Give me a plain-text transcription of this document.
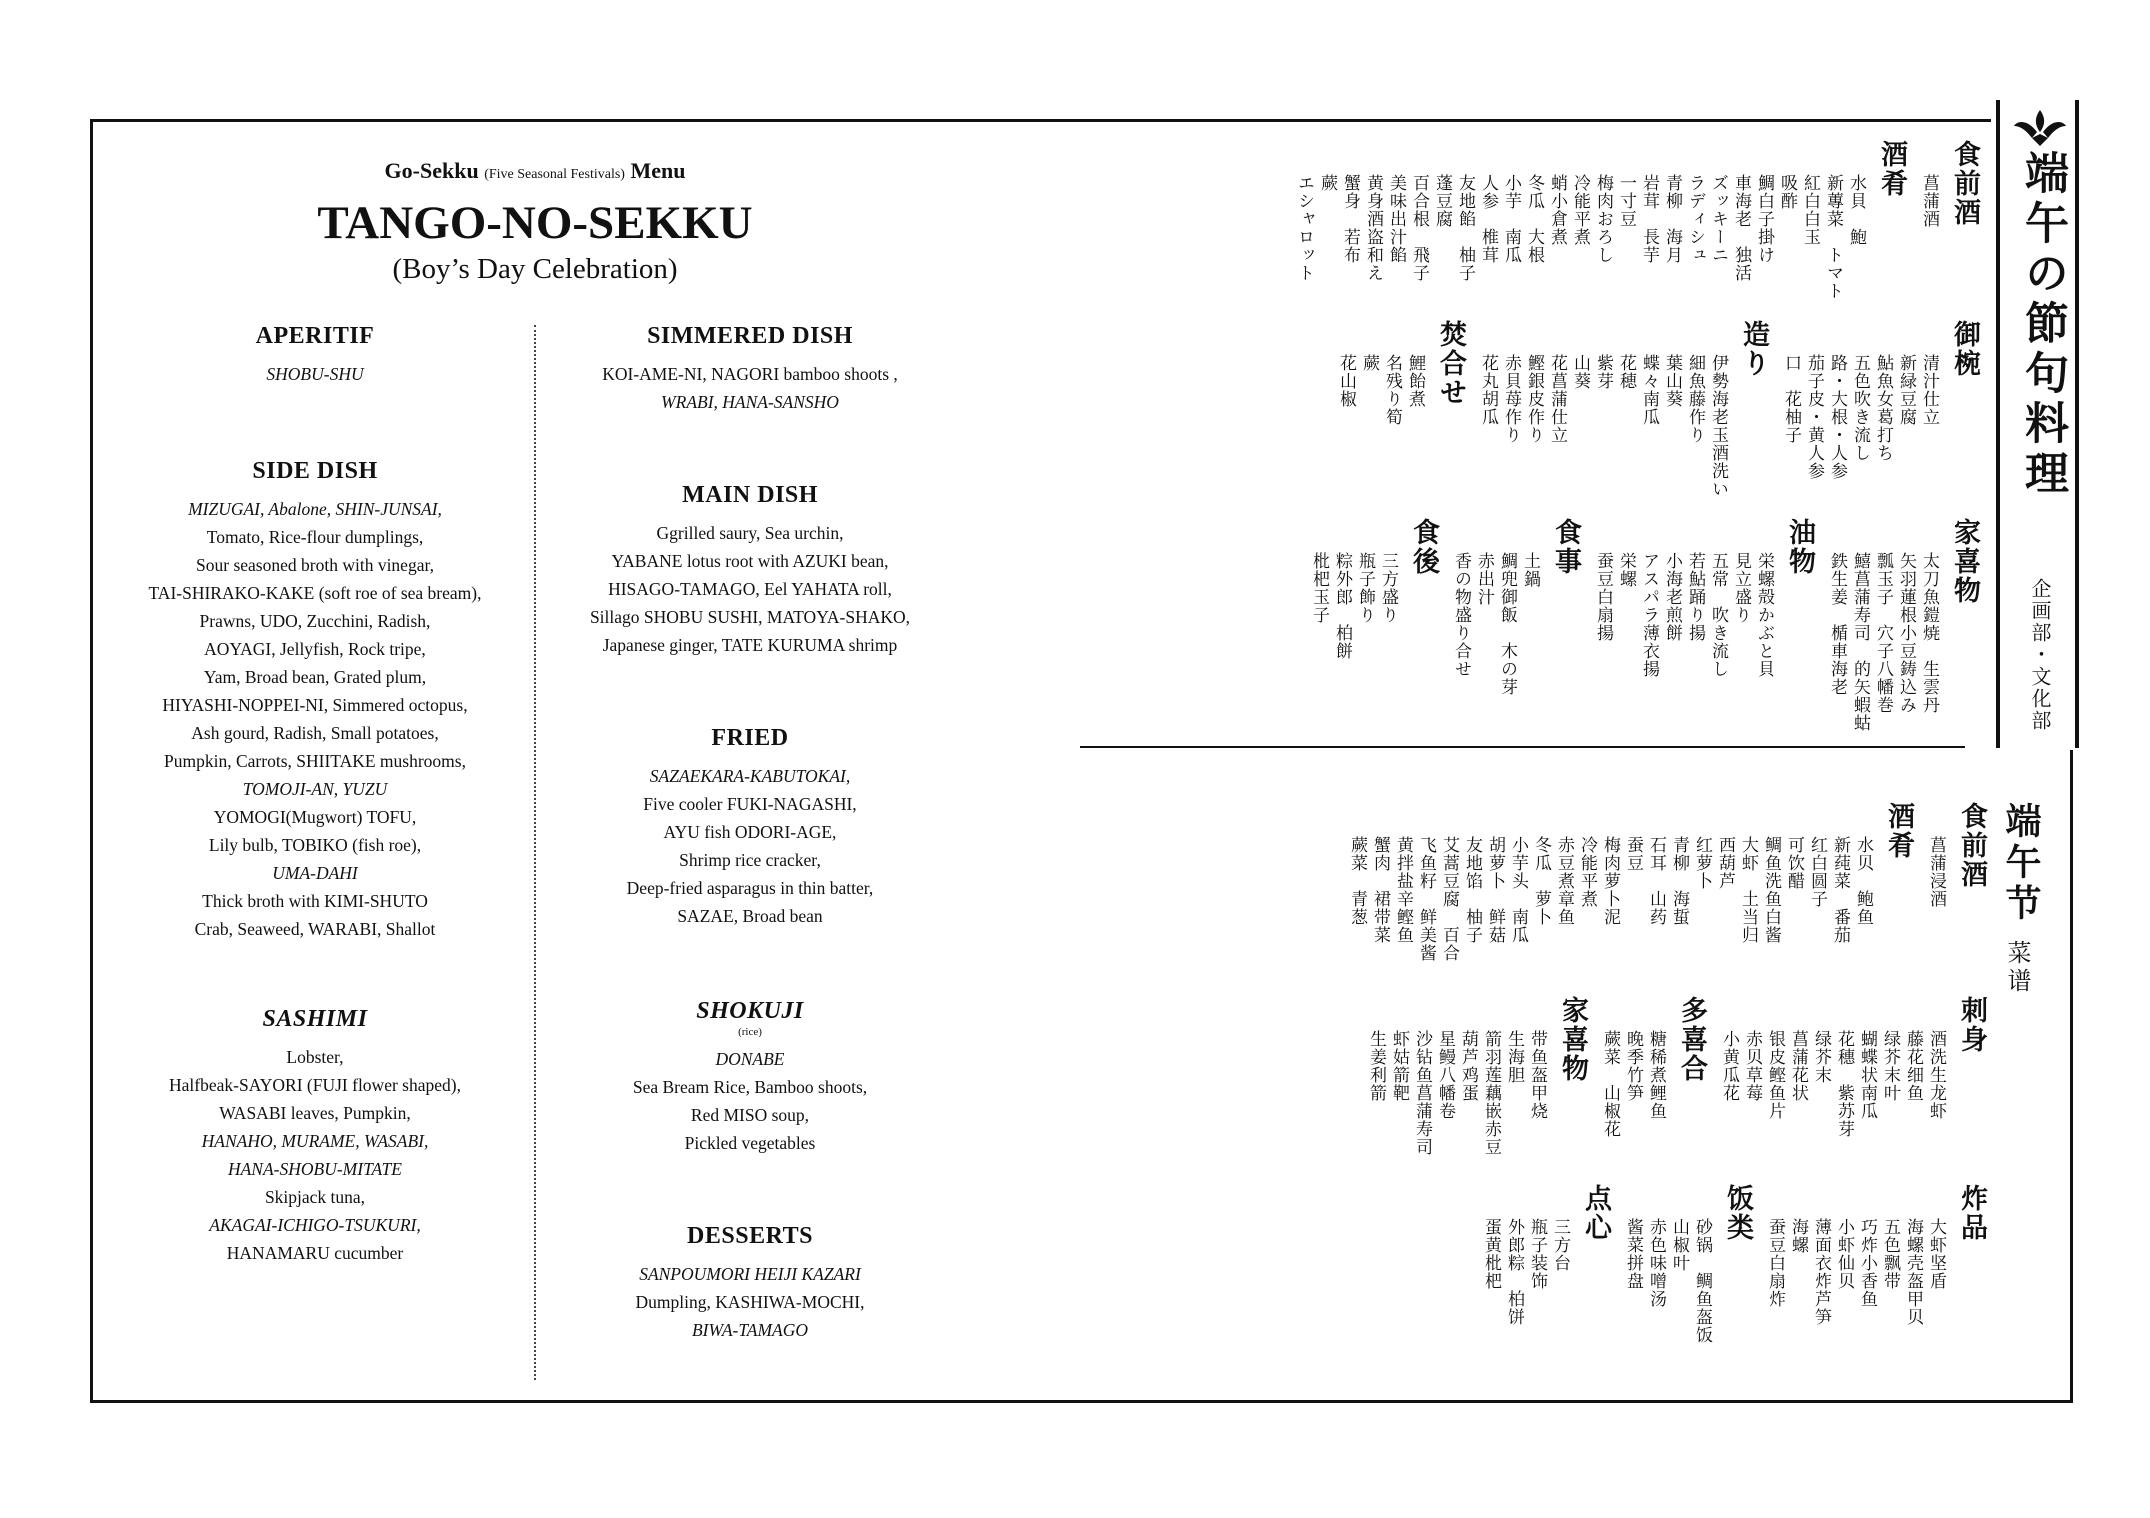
Go-Sekku (Five Seasonal Festivals) Menu
TANGO-NO-SEKKU
(Boy’s Day Celebration)
APERITIF
SHOBU-SHU
SIDE DISH
MIZUGAI, Abalone, SHIN-JUNSAI,
Tomato, Rice-flour dumplings,
Sour seasoned broth with vinegar,
TAI-SHIRAKO-KAKE (soft roe of sea bream),
Prawns, UDO, Zucchini, Radish,
AOYAGI, Jellyfish, Rock tripe,
Yam, Broad bean, Grated plum,
HIYASHI-NOPPEI-NI, Simmered octopus,
Ash gourd, Radish, Small potatoes,
Pumpkin, Carrots, SHIITAKE mushrooms,
TOMOJI-AN, YUZU
YOMOGI(Mugwort) TOFU,
Lily bulb, TOBIKO (fish roe),
UMA-DAHI
Thick broth with KIMI-SHUTO
Crab, Seaweed, WARABI, Shallot
SASHIMI
Lobster,
Halfbeak-SAYORI (FUJI flower shaped),
WASABI leaves, Pumpkin,
HANAHO, MURAME, WASABI,
HANA-SHOBU-MITATE
Skipjack tuna,
AKAGAI-ICHIGO-TSUKURI,
HANAMARU cucumber
SIMMERED DISH
KOI-AME-NI, NAGORI bamboo shoots ,
WRABI, HANA-SANSHO
MAIN DISH
Ggrilled saury, Sea urchin,
YABANE lotus root with AZUKI bean,
HISAGO-TAMAGO, Eel YAHATA roll,
Sillago SHOBU SUSHI, MATOYA-SHAKO,
Japanese ginger, TATE KURUMA shrimp
FRIED
SAZAEKARA-KABUTOKAI,
Five cooler FUKI-NAGASHI,
AYU fish ODORI-AGE,
Shrimp rice cracker,
Deep-fried asparagus in thin batter,
SAZAE, Broad bean
SHOKUJI
(rice)
DONABE
Sea Bream Rice, Bamboo shoots,
Red MISO soup,
Pickled vegetables
DESSERTS
SANPOUMORI HEIJI KAZARI
Dumpling, KASHIWA-MOCHI,
BIWA-TAMAGO
端午の節句料理
企画部・文化部
端午节
菜谱
食前酒
菖蒲酒
酒肴
水貝　鮑
新蓴菜　トマト
紅白白玉
吸酢
鯛白子掛け
車海老　独活
ズッキーニ
ラディシュ
青柳　海月
岩茸　長芋
一寸豆
梅肉おろし
冷能平煮
蛸小倉煮
冬瓜　大根
小芋　南瓜
人参　椎茸
友地餡　柚子
蓬豆腐
百合根　飛子
美味出汁餡
黄身酒盗和え
蟹身　若布
蕨
エシャロット
御椀
清汁仕立
新緑豆腐
鮎魚女葛打ち
五色吹き流し
路・大根・人参
茄子皮・黄人参
口　花柚子
造り
伊勢海老玉酒洗い
細魚藤作り
葉山葵
蝶々南瓜
花穂
紫芽
山葵
花菖蒲仕立
鰹銀皮作り
赤貝苺作り
花丸胡瓜
焚合せ
鯉飴煮
名残り筍
蕨
花山椒
家喜物
太刀魚鎧焼　生雲丹
矢羽蓮根小豆鋳込み
瓢玉子　穴子八幡巻
鱚菖蒲寿司　的矢蝦蛄
鉄生姜　楯車海老
油物
栄螺殻かぶと貝
見立盛り
五常　吹き流し
若鮎踊り揚
小海老煎餅
アスパラ薄衣揚
栄螺
蚕豆白扇揚
食事
土鍋
鯛兜御飯　木の芽
赤出汁
香の物盛り合せ
食後
三方盛り
瓶子飾り
粽外郎　柏餅
枇杷玉子
食前酒
菖蒲浸酒
酒肴
水贝　鲍鱼
新莼菜　番茄
红白圆子
可饮醋
鲷鱼洗鱼白酱
大虾　土当归
西葫芦
红萝卜
青柳　海蜇
石耳　山药
蚕豆
梅肉萝卜泥
冷能平煮
赤豆煮章鱼
冬瓜　萝卜
小芋头　南瓜
胡萝卜　鲜菇
友地馅　柚子
艾蒿豆腐　百合
飞鱼籽　鲜美酱
黄拌盐辛鲣鱼
蟹肉　裙带菜
蕨菜　青葱
刺身
酒洗生龙虾
藤花细鱼
绿芥末叶
蝴蝶状南瓜
花穗　紫苏芽
绿芥末
菖蒲花状
银皮鲣鱼片
赤贝草莓
小黄瓜花
多喜合
糖稀煮鲤鱼
晚季竹笋
蕨菜　山椒花
家喜物
带鱼盔甲烧
生海胆
箭羽莲藕嵌赤豆
葫芦鸡蛋
星鳗八幡卷
沙钻鱼菖蒲寿司
虾姑箭靶
生姜利箭
炸品
大虾坚盾
海螺壳盔甲贝
五色飘带
巧炸小香鱼
小虾仙贝
薄面衣炸芦笋
海螺
蚕豆白扇炸
饭类
砂锅　鲷鱼盔饭
山椒叶
赤色味噌汤
酱菜拼盘
点心
三方台
瓶子装饰
外郎粽　柏饼
蛋黄枇杷
